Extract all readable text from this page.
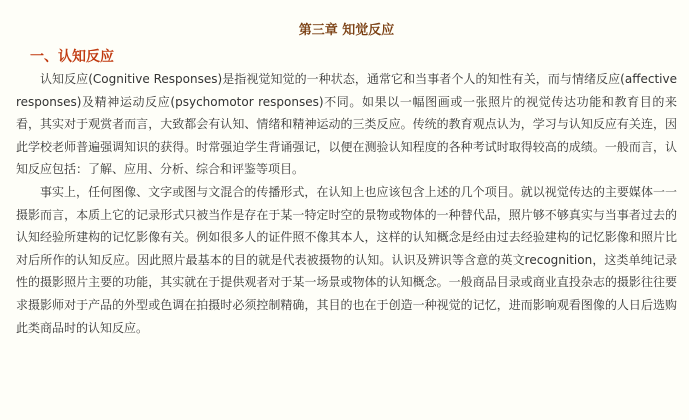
第三章 知觉反应
一、认知反应

认知反应(Cognitive Responses)是指视觉知觉的一种状态，通常它和当事者个人的知性有关，而与情绪反应(affective responses)及精神运动反应(psychomotor responses)不同。如果以一幅图画或一张照片的视觉传达功能和教育目的来看，其实对于观赏者而言，大致都会有认知、情绪和精神运动的三类反应。传统的教育观点认为，学习与认知反应有关连，因此学校老师普遍强调知识的获得。时常强迫学生背诵强记，以便在测验认知程度的各种考试时取得较高的成绩。一般而言，认知反应包括：了解、应用、分析、综合和评鉴等项目。

事实上，任何图像、文字或图与文混合的传播形式，在认知上也应该包含上述的几个项目。就以视觉传达的主要媒体一一摄影而言，本质上它的记录形式只被当作是存在于某一特定时空的景物或物体的一种替代品，照片够不够真实与当事者过去的认知经验所建构的记忆影像有关。例如很多人的证件照不像其本人，这样的认知概念是经由过去经验建构的记忆影像和照片比对后所作的认知反应。因此照片最基本的目的就是代表被摄物的认知。认识及辨识等含意的英文recognition，这类单纯记录性的摄影照片主要的功能，其实就在于提供观者对于某一场景或物体的认知概念。一般商品目录或商业直投杂志的摄影往往要求摄影师对于产品的外型或色调在拍摄时必须控制精确，其目的也在于创造一种视觉的记忆，进而影响观看图像的人日后选购此类商品时的认知反应。
